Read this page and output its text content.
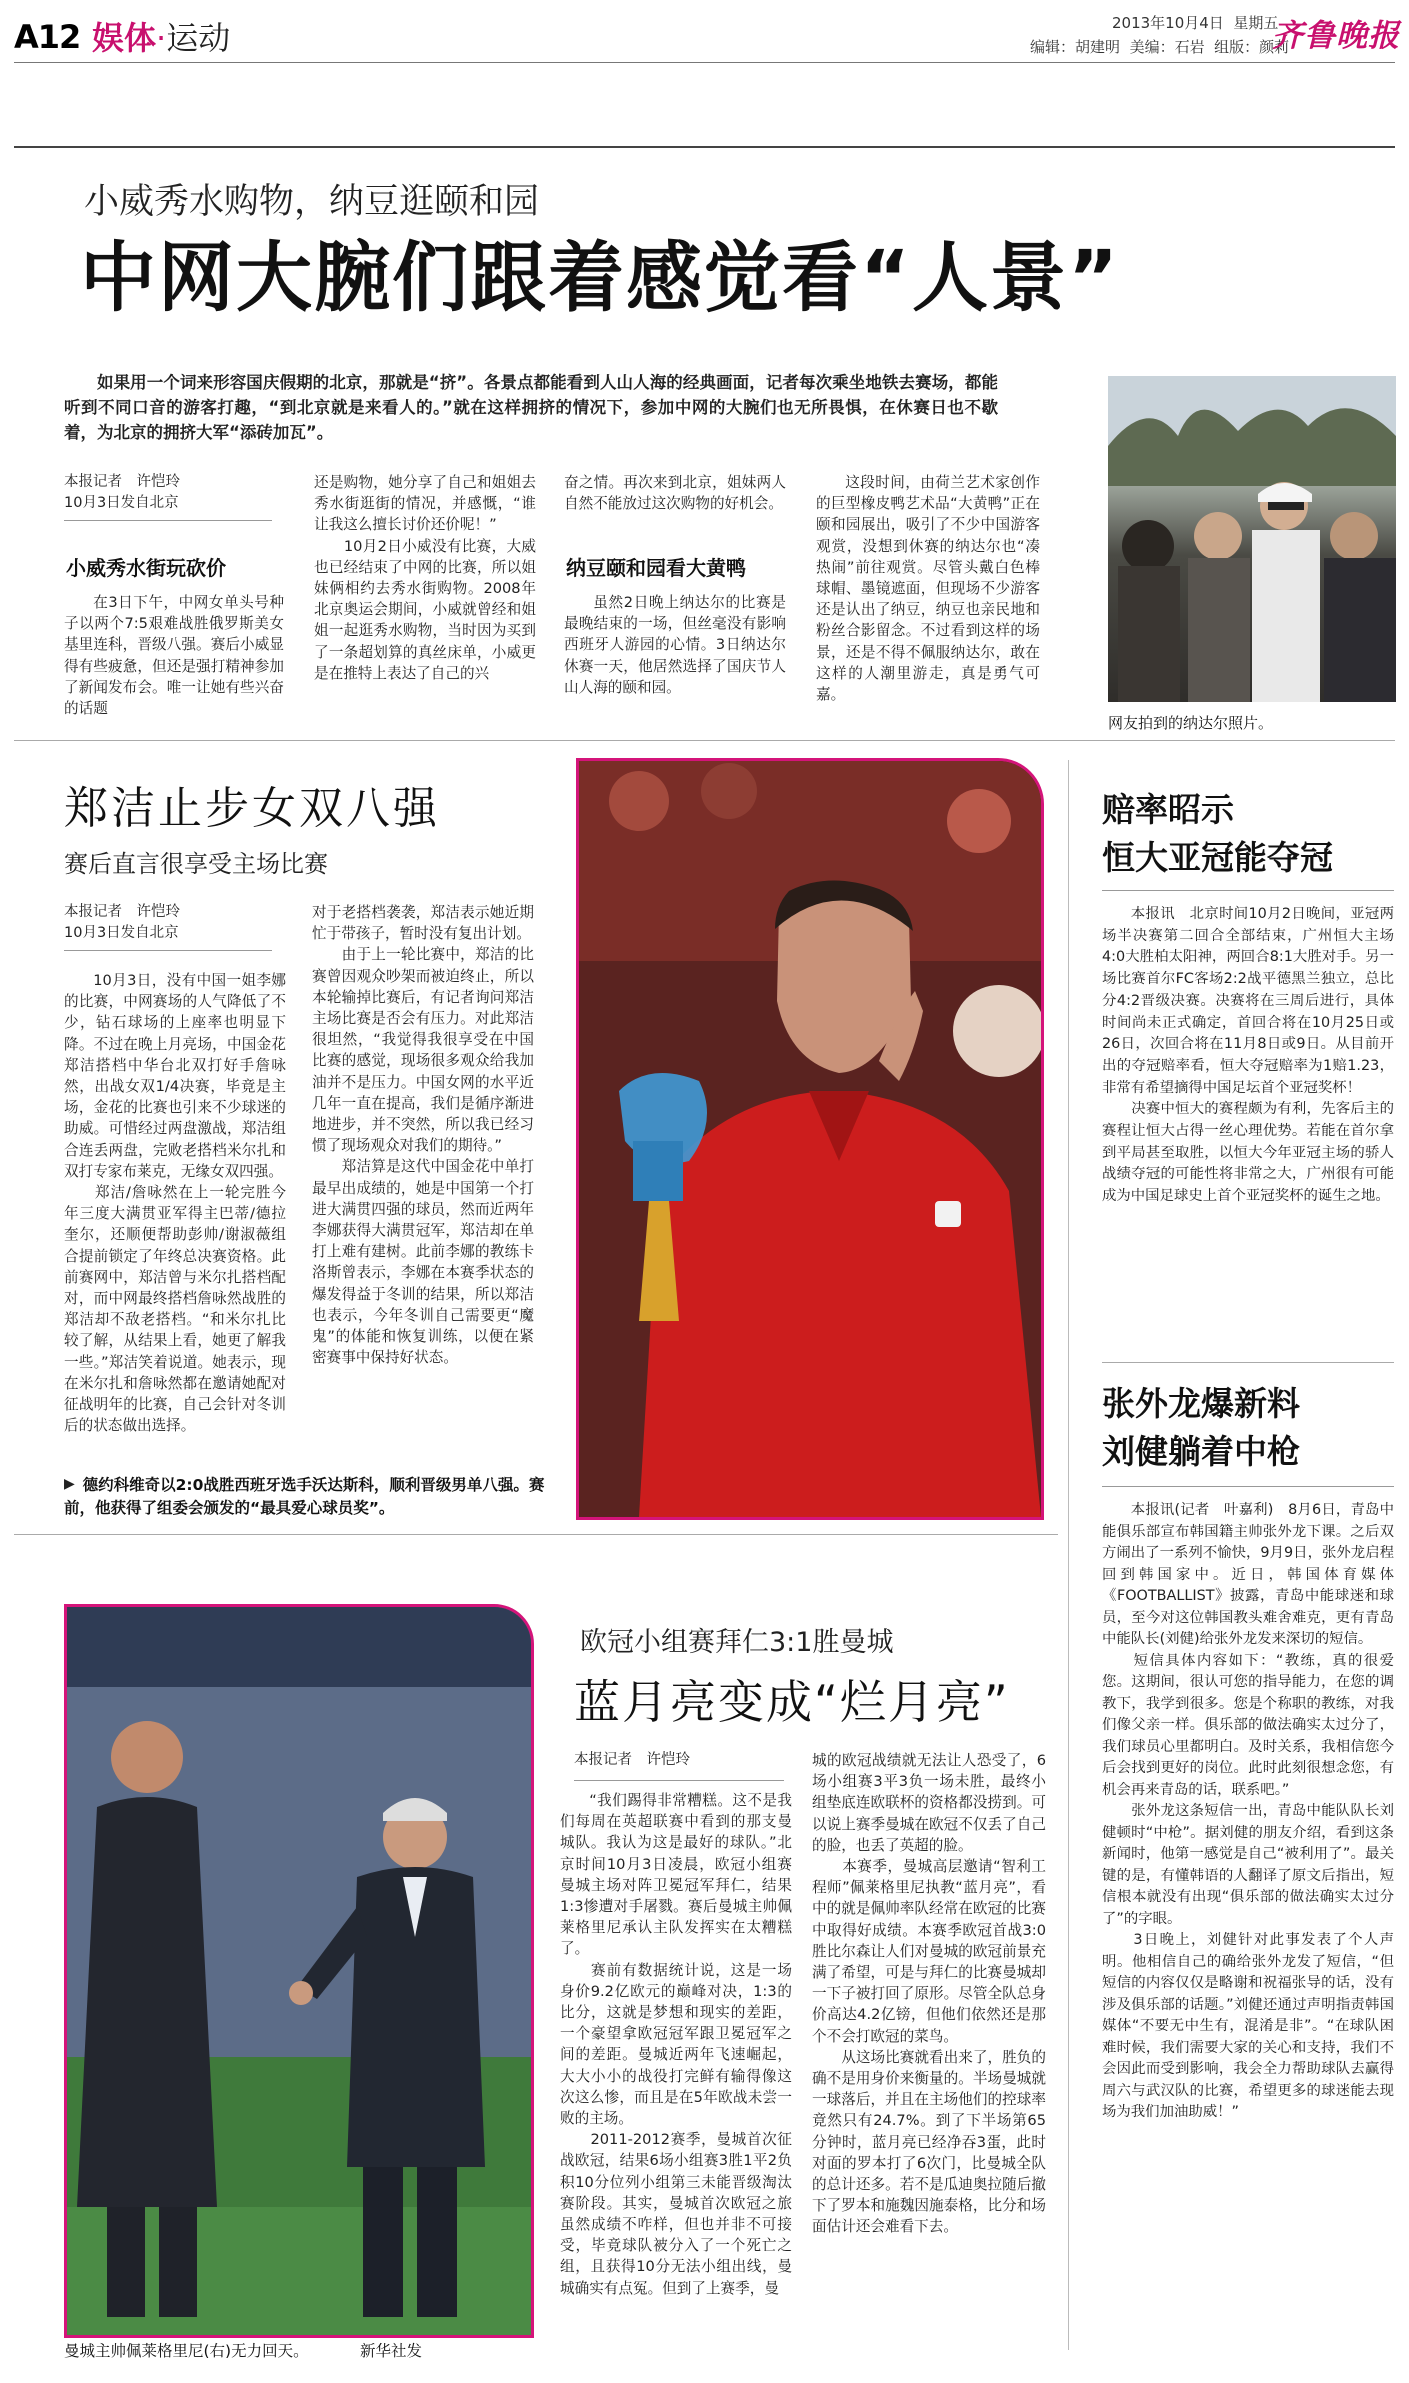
A12 娱体·运动	2013年10月4日 星期五
编辑：胡建明 美编：石岩 组版：颜莉
齐鲁晚报
小威秀水购物，纳豆逛颐和园
中网大腕们跟着感觉看“人景”
如果用一个词来形容国庆假期的北京，那就是“挤”。各景点都能看到人山人海的经典画面，记者每次乘坐地铁去赛场，都能听到不同口音的游客打趣，“到北京就是来看人的。”就在这样拥挤的情况下，参加中网的大腕们也无所畏惧，在休赛日也不歇着，为北京的拥挤大军“添砖加瓦”。
本报记者　许恺玲
10月3日发自北京
小威秀水街玩砍价
在3日下午，中网女单头号种子以两个7:5艰难战胜俄罗斯美女基里连科，晋级八强。赛后小威显得有些疲惫，但还是强打精神参加了新闻发布会。唯一让她有些兴奋的话题
还是购物，她分享了自己和姐姐去秀水街逛街的情况，并感慨，“谁让我这么擅长讨价还价呢！”
　　10月2日小威没有比赛，大威也已经结束了中网的比赛，所以姐妹俩相约去秀水街购物。2008年北京奥运会期间，小威就曾经和姐姐一起逛秀水购物，当时因为买到了一条超划算的真丝床单，小威更是在推特上表达了自己的兴
奋之情。再次来到北京，姐妹两人自然不能放过这次购物的好机会。
纳豆颐和园看大黄鸭
虽然2日晚上纳达尔的比赛是最晚结束的一场，但丝毫没有影响西班牙人游园的心情。3日纳达尔休赛一天，他居然选择了国庆节人山人海的颐和园。
这段时间，由荷兰艺术家创作的巨型橡皮鸭艺术品“大黄鸭”正在颐和园展出，吸引了不少中国游客观赏，没想到休赛的纳达尔也“凑热闹”前往观赏。尽管头戴白色棒球帽、墨镜遮面，但现场不少游客还是认出了纳豆，纳豆也亲民地和粉丝合影留念。不过看到这样的场景，还是不得不佩服纳达尔，敢在这样的人潮里游走，真是勇气可嘉。
网友拍到的纳达尔照片。
郑洁止步女双八强
赛后直言很享受主场比赛
本报记者　许恺玲
10月3日发自北京
10月3日，没有中国一姐李娜的比赛，中网赛场的人气降低了不少，钻石球场的上座率也明显下降。不过在晚上月亮场，中国金花郑洁搭档中华台北双打好手詹咏然，出战女双1/4决赛，毕竟是主场，金花的比赛也引来不少球迷的助威。可惜经过两盘激战，郑洁组合连丢两盘，完败老搭档米尔扎和双打专家布莱克，无缘女双四强。
　　郑洁/詹咏然在上一轮完胜今年三度大满贯亚军得主巴蒂/德拉奎尔，还顺便帮助彭帅/谢淑薇组合提前锁定了年终总决赛资格。此前赛网中，郑洁曾与米尔扎搭档配对，而中网最终搭档詹咏然战胜的郑洁却不敌老搭档。“和米尔扎比较了解，从结果上看，她更了解我一些。”郑洁笑着说道。她表示，现在米尔扎和詹咏然都在邀请她配对征战明年的比赛，自己会针对冬训后的状态做出选择。
对于老搭档袭袭，郑洁表示她近期忙于带孩子，暂时没有复出计划。
　　由于上一轮比赛中，郑洁的比赛曾因观众吵架而被迫终止，所以本轮输掉比赛后，有记者询问郑洁主场比赛是否会有压力。对此郑洁很坦然，“我觉得我很享受在中国比赛的感觉，现场很多观众给我加油并不是压力。中国女网的水平近几年一直在提高，我们是循序渐进地进步，并不突然，所以我已经习惯了现场观众对我们的期待。”
　　郑洁算是这代中国金花中单打最早出成绩的，她是中国第一个打进大满贯四强的球员，然而近两年李娜获得大满贯冠军，郑洁却在单打上难有建树。此前李娜的教练卡洛斯曾表示，李娜在本赛季状态的爆发得益于冬训的结果，所以郑洁也表示，今年冬训自己需要更“魔鬼”的体能和恢复训练，以便在紧密赛事中保持好状态。
▶ 德约科维奇以2:0战胜西班牙选手沃达斯科，顺利晋级男单八强。赛前，他获得了组委会颁发的“最具爱心球员奖”。
曼城主帅佩莱格里尼(右)无力回天。	新华社发
欧冠小组赛拜仁3:1胜曼城
蓝月亮变成“烂月亮”
本报记者　许恺玲
“我们踢得非常糟糕。这不是我们每周在英超联赛中看到的那支曼城队。我认为这是最好的球队。”北京时间10月3日凌晨，欧冠小组赛曼城主场对阵卫冕冠军拜仁，结果1:3惨遭对手屠戮。赛后曼城主帅佩莱格里尼承认主队发挥实在太糟糕了。
　　赛前有数据统计说，这是一场身价9.2亿欧元的巅峰对决，1:3的比分，这就是梦想和现实的差距，一个豪望拿欧冠冠军跟卫冕冠军之间的差距。曼城近两年飞速崛起，大大小小的战役打完鲜有输得像这次这么惨，而且是在5年欧战未尝一败的主场。
　　2011-2012赛季，曼城首次征战欧冠，结果6场小组赛3胜1平2负积10分位列小组第三未能晋级淘汰赛阶段。其实，曼城首次欧冠之旅虽然成绩不咋样，但也并非不可接受，毕竟球队被分入了一个死亡之组，且获得10分无法小组出线，曼城确实有点冤。但到了上赛季，曼
城的欧冠战绩就无法让人恐受了，6场小组赛3平3负一场未胜，最终小组垫底连欧联杯的资格都没捞到。可以说上赛季曼城在欧冠不仅丢了自己的脸，也丢了英超的脸。
　　本赛季，曼城高层邀请“智利工程师”佩莱格里尼执教“蓝月亮”，看中的就是佩帅率队经常在欧冠的比赛中取得好成绩。本赛季欧冠首战3:0胜比尔森让人们对曼城的欧冠前景充满了希望，可是与拜仁的比赛曼城却一下子被打回了原形。尽管全队总身价高达4.2亿镑，但他们依然还是那个不会打欧冠的菜鸟。
　　从这场比赛就看出来了，胜负的确不是用身价来衡量的。半场曼城就一球落后，并且在主场他们的控球率竟然只有24.7%。到了下半场第65分钟时，蓝月亮已经净吞3蛋，此时对面的罗本打了6次门，比曼城全队的总计还多。若不是瓜迪奥拉随后撤下了罗本和施魏因施泰格，比分和场面估计还会难看下去。
赔率昭示
恒大亚冠能夺冠
本报讯　北京时间10月2日晚间，亚冠两场半决赛第二回合全部结束，广州恒大主场4:0大胜柏太阳神，两回合8:1大胜对手。另一场比赛首尔FC客场2:2战平德黑兰独立，总比分4:2晋级决赛。决赛将在三周后进行，具体时间尚未正式确定，首回合将在10月25日或26日，次回合将在11月8日或9日。从目前开出的夺冠赔率看，恒大夺冠赔率为1赔1.23，非常有希望摘得中国足坛首个亚冠奖杯！
　　决赛中恒大的赛程颇为有利，先客后主的赛程让恒大占得一丝心理优势。若能在首尔拿到平局甚至取胜，以恒大今年亚冠主场的骄人战绩夺冠的可能性将非常之大，广州很有可能成为中国足球史上首个亚冠奖杯的诞生之地。
张外龙爆新料
刘健躺着中枪
本报讯(记者　叶嘉利)　8月6日，青岛中能俱乐部宣布韩国籍主帅张外龙下课。之后双方闹出了一系列不愉快，9月9日，张外龙启程回到韩国家中。近日，韩国体育媒体《FOOTBALLIST》披露，青岛中能球迷和球员，至今对这位韩国教头难舍难克，更有青岛中能队长(刘健)给张外龙发来深切的短信。
　　短信具体内容如下：“教练，真的很爱您。这期间，很认可您的指导能力，在您的调教下，我学到很多。您是个称职的教练，对我们像父亲一样。俱乐部的做法确实太过分了，我们球员心里都明白。及时关系，我相信您今后会找到更好的岗位。此时此刻很想念您，有机会再来青岛的话，联系吧。”
　　张外龙这条短信一出，青岛中能队队长刘健顿时“中枪”。据刘健的朋友介绍，看到这条新闻时，他第一感觉是自己“被利用了”。最关键的是，有懂韩语的人翻译了原文后指出，短信根本就没有出现“俱乐部的做法确实太过分了”的字眼。
　　3日晚上，刘健针对此事发表了个人声明。他相信自己的确给张外龙发了短信，“但短信的内容仅仅是略谢和祝福张导的话，没有涉及俱乐部的话题。”刘健还通过声明指责韩国媒体“不要无中生有，混淆是非”。“在球队困难时候，我们需要大家的关心和支持，我们不会因此而受到影响，我会全力帮助球队去赢得周六与武汉队的比赛，希望更多的球迷能去现场为我们加油助威！”
